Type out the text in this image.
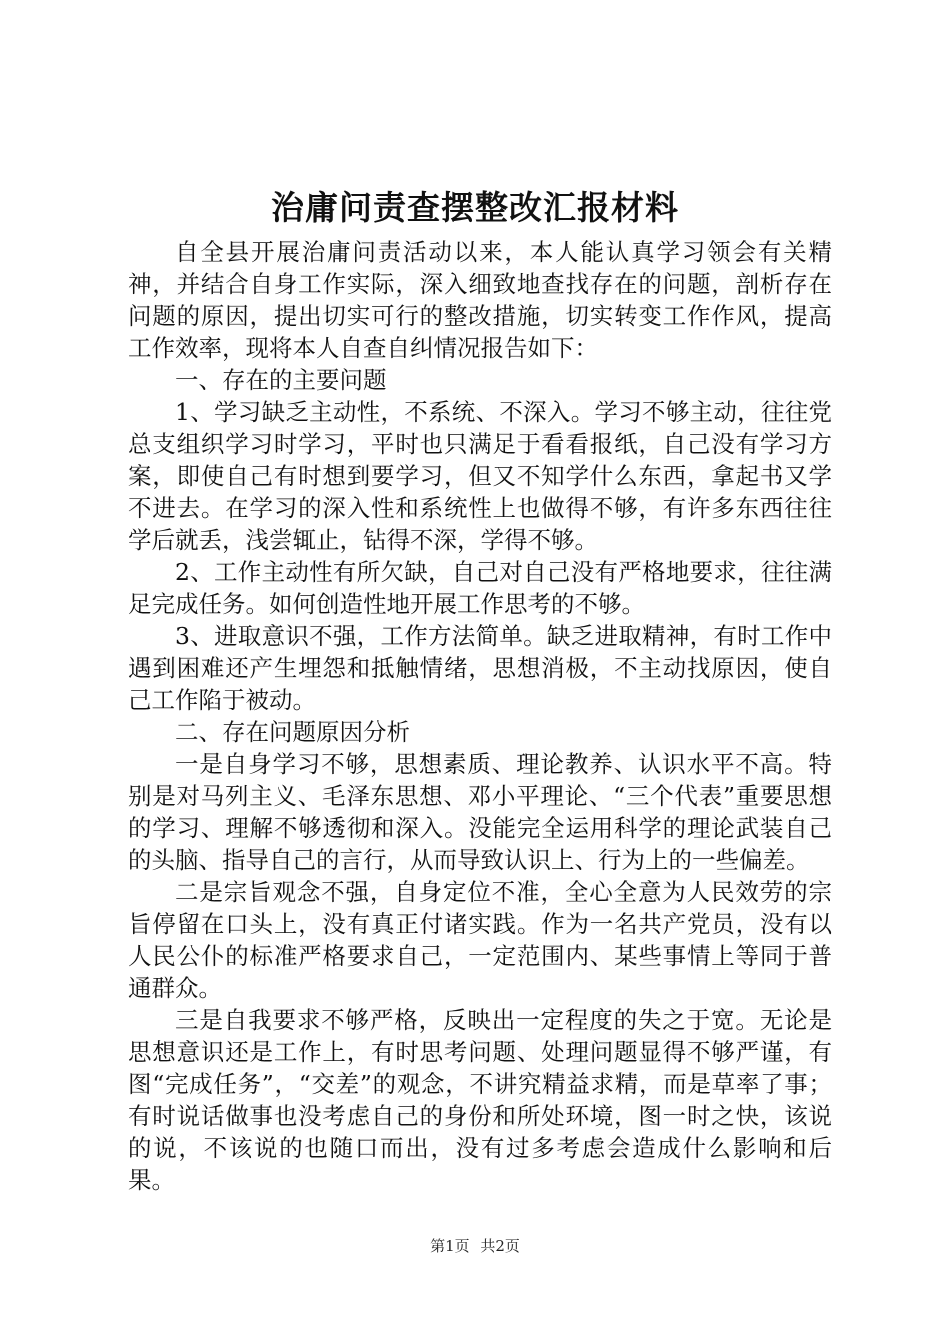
治庸问责查摆整改汇报材料

自全县开展治庸问责活动以来，本人能认真学习领会有关精神，并结合自身工作实际，深入细致地查找存在的问题，剖析存在问题的原因，提出切实可行的整改措施，切实转变工作作风，提高工作效率，现将本人自查自纠情况报告如下：

一、存在的主要问题

1、学习缺乏主动性，不系统、不深入。学习不够主动，往往党总支组织学习时学习，平时也只满足于看看报纸，自己没有学习方案，即使自己有时想到要学习，但又不知学什么东西，拿起书又学不进去。在学习的深入性和系统性上也做得不够，有许多东西往往学后就丢，浅尝辄止，钻得不深，学得不够。

2、工作主动性有所欠缺，自己对自己没有严格地要求，往往满足完成任务。如何创造性地开展工作思考的不够。

3、进取意识不强，工作方法简单。缺乏进取精神，有时工作中遇到困难还产生埋怨和抵触情绪，思想消极，不主动找原因，使自己工作陷于被动。

二、存在问题原因分析

一是自身学习不够，思想素质、理论教养、认识水平不高。特别是对马列主义、毛泽东思想、邓小平理论、“三个代表”重要思想的学习、理解不够透彻和深入。没能完全运用科学的理论武装自己的头脑、指导自己的言行，从而导致认识上、行为上的一些偏差。

二是宗旨观念不强，自身定位不准，全心全意为人民效劳的宗旨停留在口头上，没有真正付诸实践。作为一名共产党员，没有以人民公仆的标准严格要求自己，一定范围内、某些事情上等同于普通群众。

三是自我要求不够严格，反映出一定程度的失之于宽。无论是思想意识还是工作上，有时思考问题、处理问题显得不够严谨，有图“完成任务”，“交差”的观念，不讲究精益求精，而是草率了事；有时说话做事也没考虑自己的身份和所处环境，图一时之快，该说的说，不该说的也随口而出，没有过多考虑会造成什么影响和后果。

第1页 共2页
